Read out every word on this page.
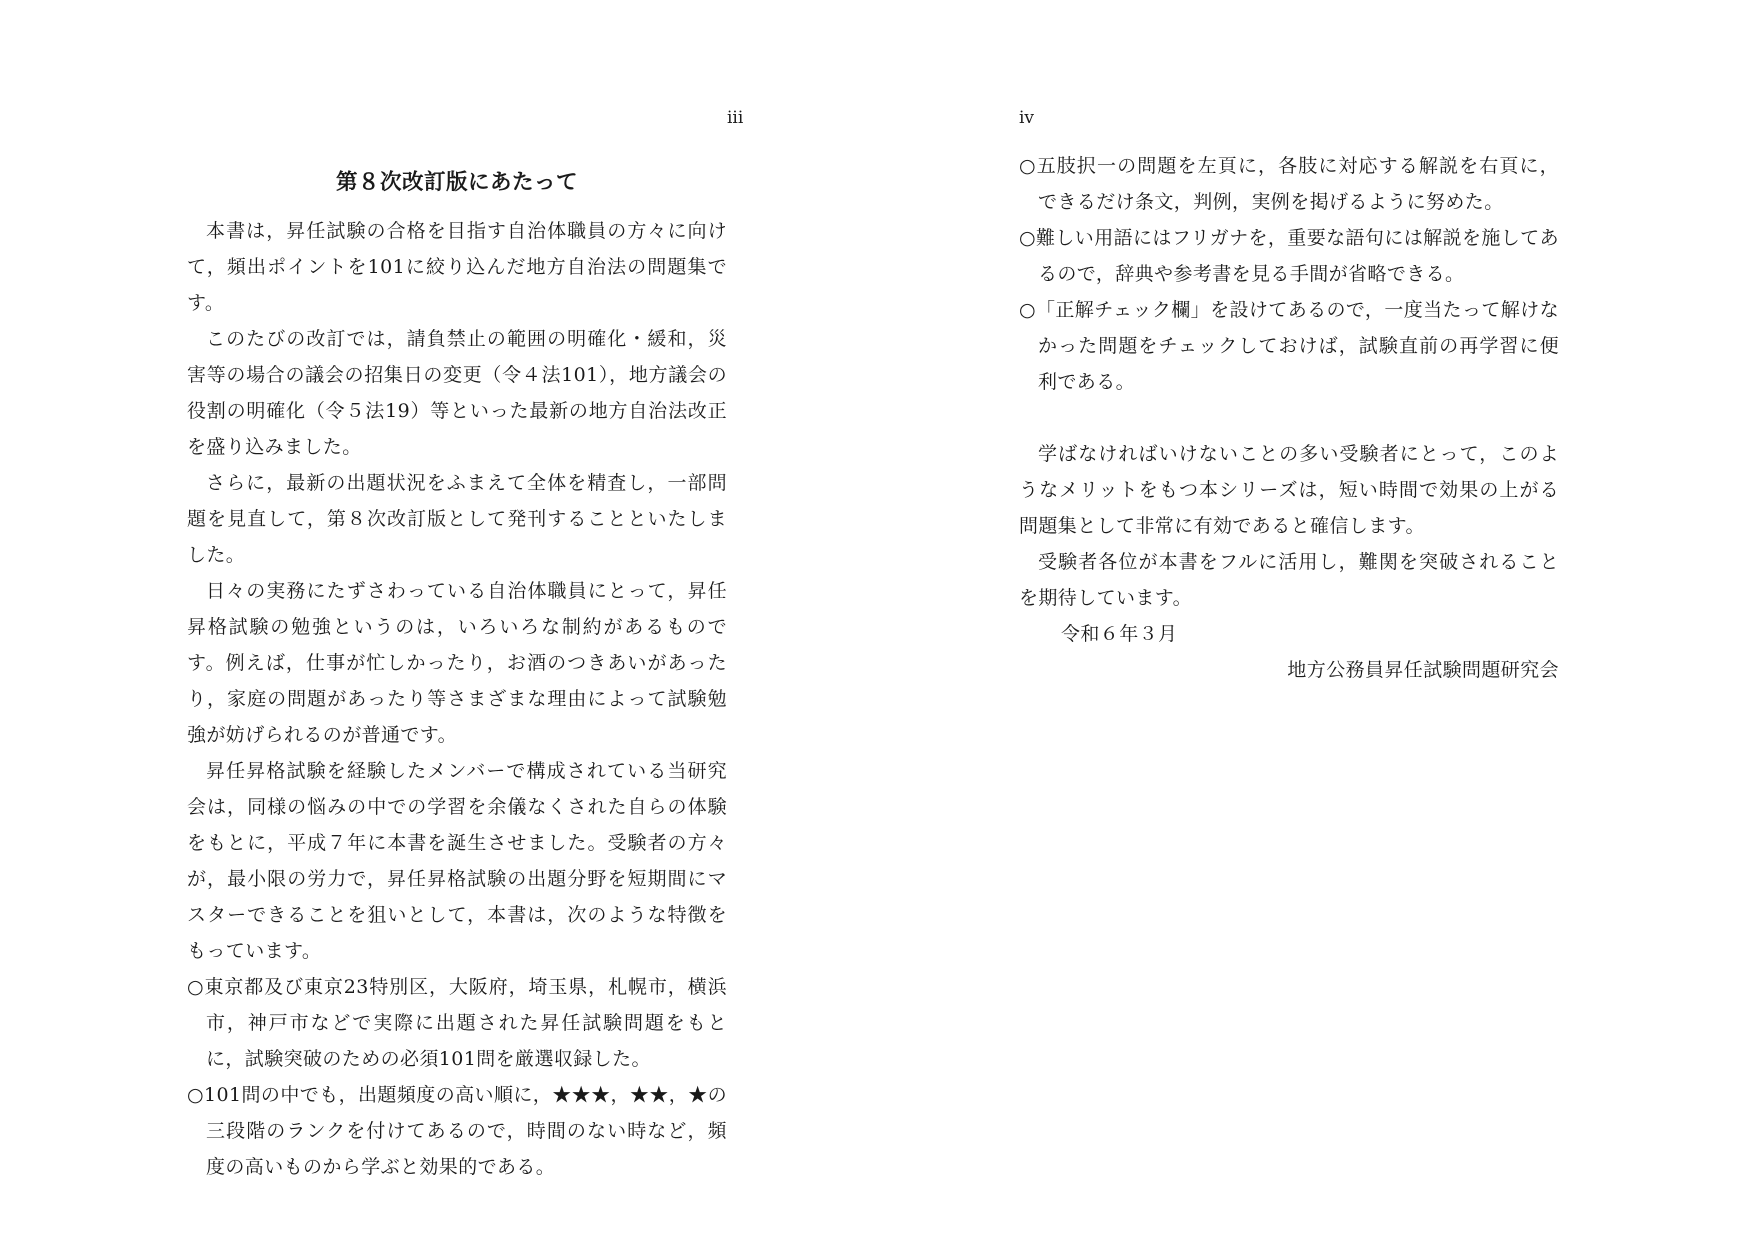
iii
第８次改訂版にあたって

本書は，昇任試験の合格を目指す自治体職員の方々に向けて，頻出ポイントを101に絞り込んだ地方自治法の問題集です。

このたびの改訂では，請負禁止の範囲の明確化・緩和，災害等の場合の議会の招集日の変更（令４法101），地方議会の役割の明確化（令５法19）等といった最新の地方自治法改正を盛り込みました。

さらに，最新の出題状況をふまえて全体を精査し，一部問題を見直して，第８次改訂版として発刊することといたしました。

日々の実務にたずさわっている自治体職員にとって，昇任昇格試験の勉強というのは，いろいろな制約があるものです。例えば，仕事が忙しかったり，お酒のつきあいがあったり，家庭の問題があったり等さまざまな理由によって試験勉強が妨げられるのが普通です。

昇任昇格試験を経験したメンバーで構成されている当研究会は，同様の悩みの中での学習を余儀なくされた自らの体験をもとに，平成７年に本書を誕生させました。受験者の方々が，最小限の労力で，昇任昇格試験の出題分野を短期間にマスターできることを狙いとして，本書は，次のような特徴をもっています。

○東京都及び東京23特別区，大阪府，埼玉県，札幌市，横浜市，神戸市などで実際に出題された昇任試験問題をもとに，試験突破のための必須101問を厳選収録した。

○101問の中でも，出題頻度の高い順に，★★★，★★，★の三段階のランクを付けてあるので，時間のない時など，頻度の高いものから学ぶと効果的である。

iv

○五肢択一の問題を左頁に，各肢に対応する解説を右頁に，できるだけ条文，判例，実例を掲げるように努めた。

○難しい用語にはフリガナを，重要な語句には解説を施してあるので，辞典や参考書を見る手間が省略できる。

○「正解チェック欄」を設けてあるので，一度当たって解けなかった問題をチェックしておけば，試験直前の再学習に便利である。

学ばなければいけないことの多い受験者にとって，このようなメリットをもつ本シリーズは，短い時間で効果の上がる問題集として非常に有効であると確信します。

受験者各位が本書をフルに活用し，難関を突破されることを期待しています。

令和６年３月

地方公務員昇任試験問題研究会
